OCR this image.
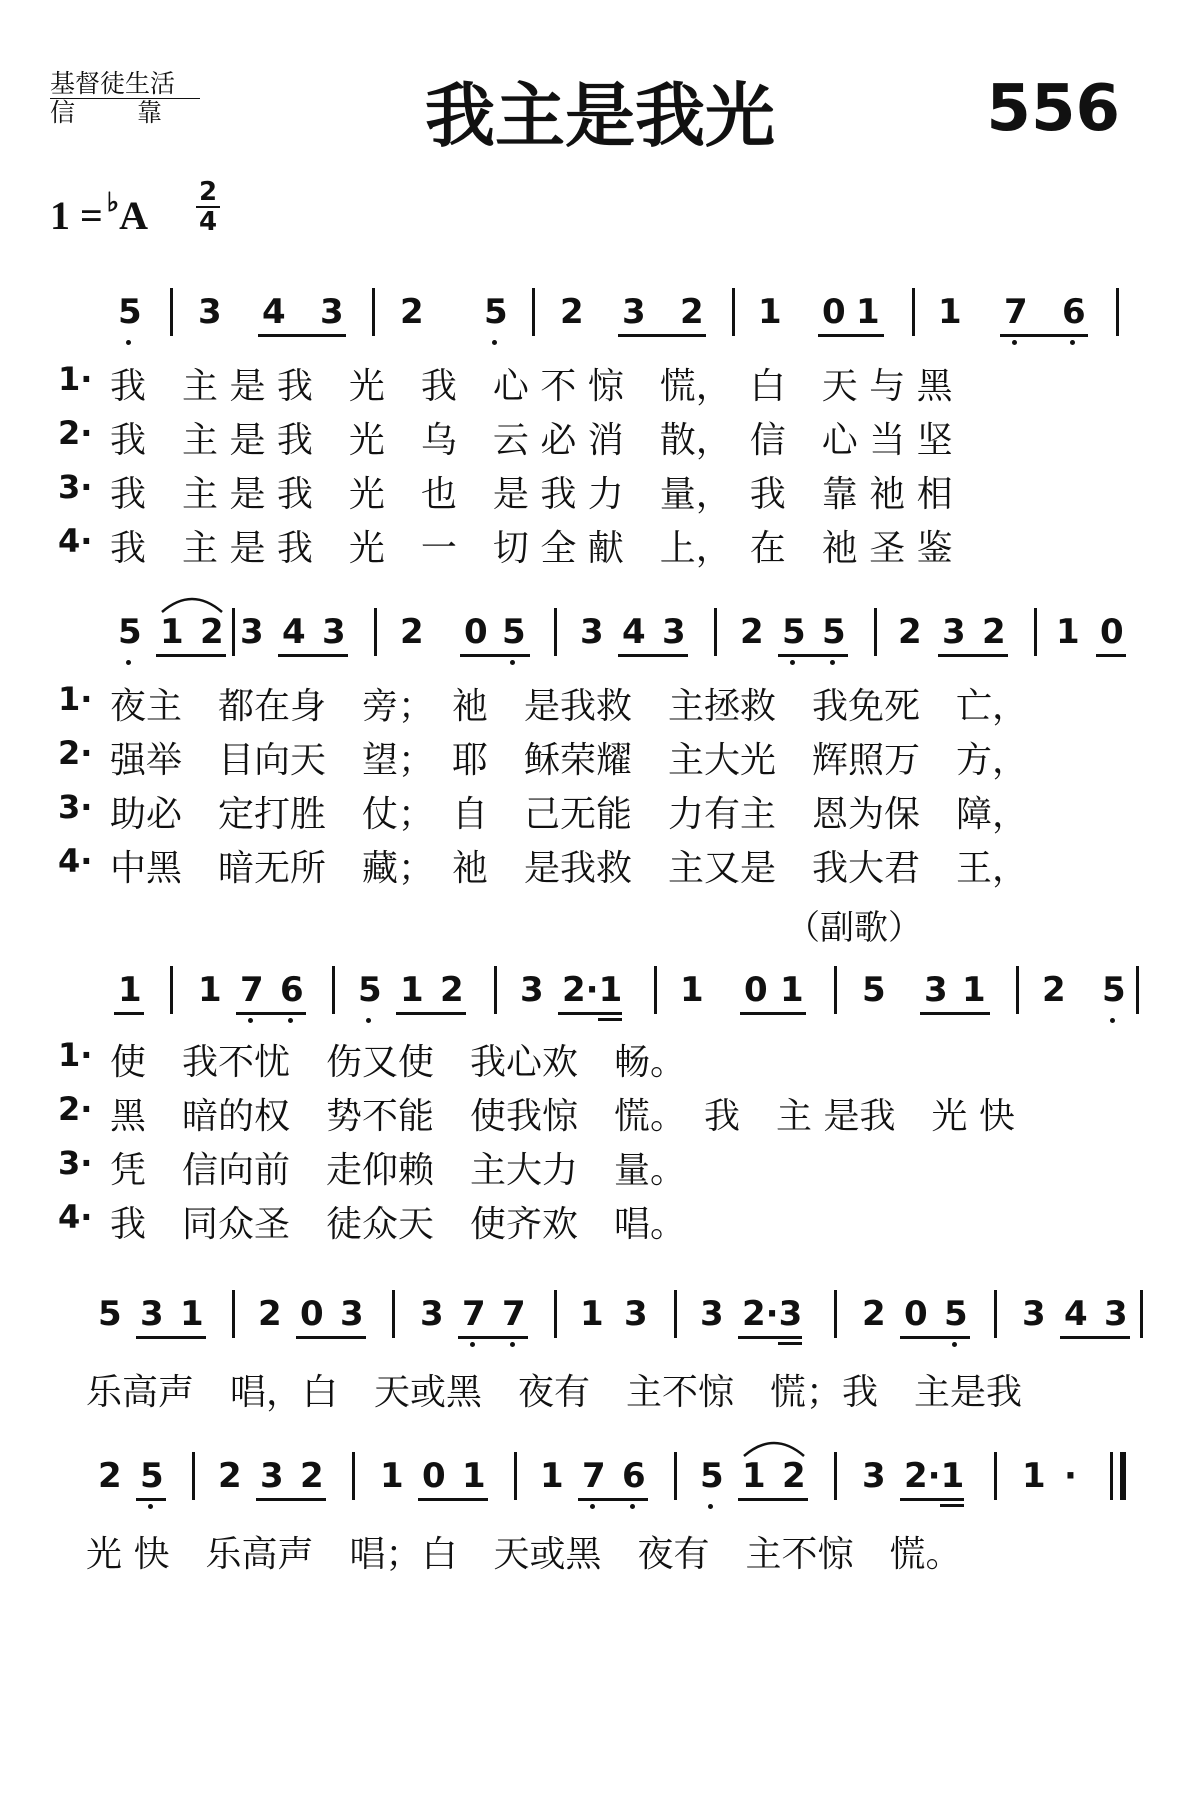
基督徒生活
信　　靠	我主是我光	556
1 = ♭A
2
4
5 3 4 3 2 5 2 3 2 1 0 1 1 7 6
1· 我　主 是 我　光　我　心 不 惊　慌，　白　天 与 黑
2· 我　主 是 我　光　乌　云 必 消　散，　信　心 当 坚
3· 我　主 是 我　光　也　是 我 力　量，　我　靠 祂 相
4· 我　主 是 我　光　一　切 全 献　上，　在　祂 圣 鉴
5 1 2 3 4 3 2 0 5 3 4 3 2 5 5 2 3 2 1 0
1· 夜主　都在身　旁；　祂　是我救　主拯救　我免死　亡，
2· 强举　目向天　望；　耶　稣荣耀　主大光　辉照万　方，
3· 助必　定打胜　仗；　自　己无能　力有主　恩为保　障，
4· 中黑　暗无所　藏；　祂　是我救　主又是　我大君　王，
（副歌）
1 1 7 6 5 1 2 3 2·1 1 0 1 5 3 1 2 5
1· 使　我不忧　伤又使　我心欢　畅。
2· 黑　暗的权　势不能　使我惊　慌。　我　主 是我　光 快
3· 凭　信向前　走仰赖　主大力　量。
4· 我　同众圣　徒众天　使齐欢　唱。
5 3 1 2 0 3 3 7 7 1 3 3 2·3 2 0 5 3 4 3
乐高声　唱，白　天或黑　夜有　主不惊　慌；我　主是我
2 5 2 3 2 1 0 1 1 7 6 5 1 2 3 2·1 1 ·
光 快　乐高声　唱；白　天或黑　夜有　主不惊　慌。
